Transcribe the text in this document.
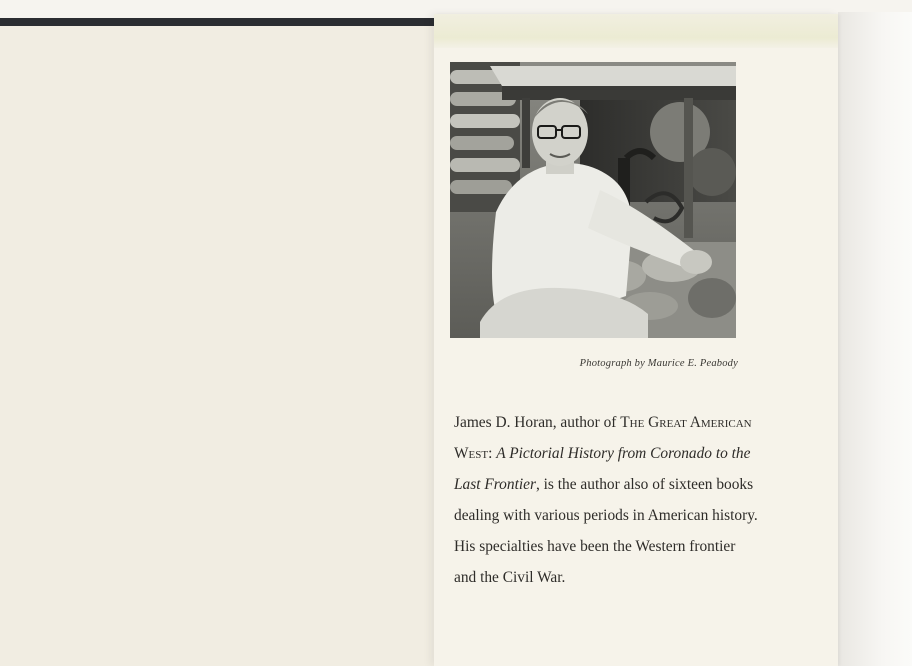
Photograph by Maurice E. Peabody

James D. Horan, author of The Great American West: A Pictorial History from Coronado to the Last Frontier, is the author also of sixteen books dealing with various periods in American history. His specialties have been the Western frontier and the Civil War.
